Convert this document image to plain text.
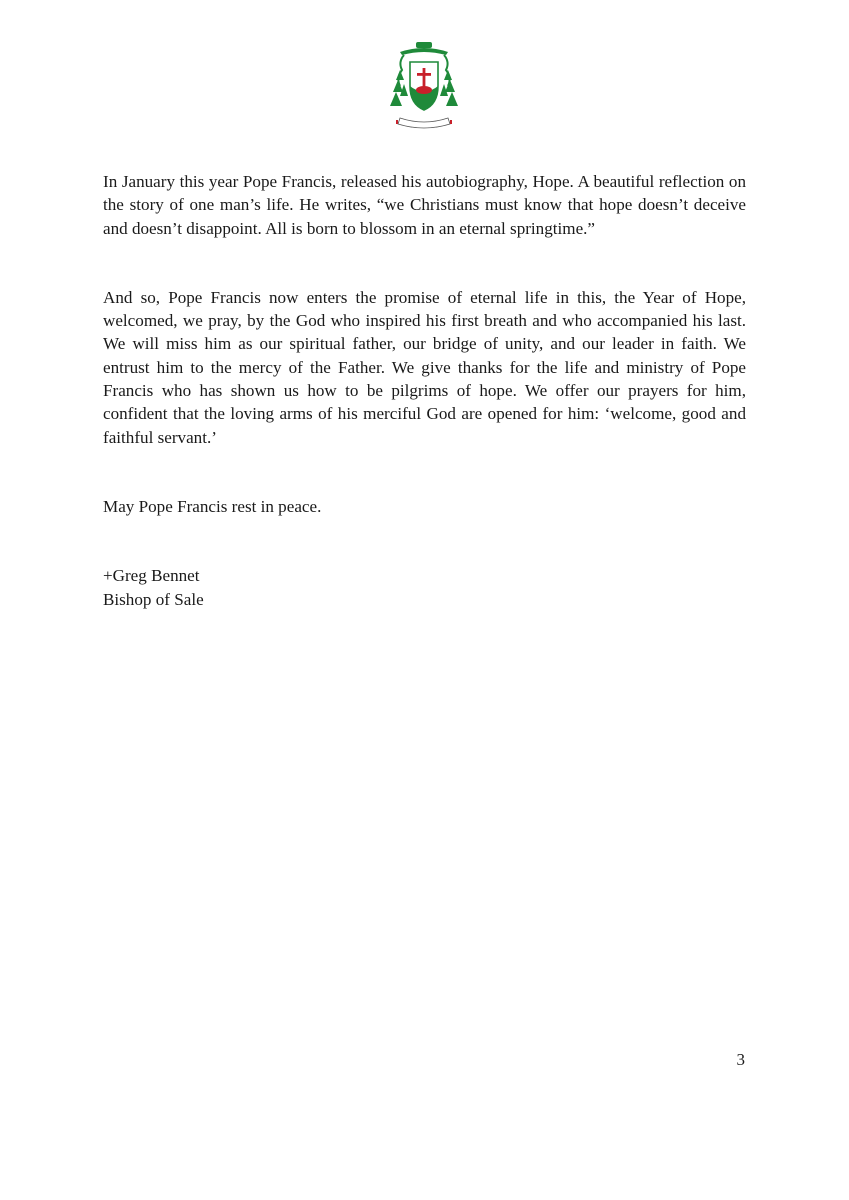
In January this year Pope Francis, released his autobiography, Hope. A beautiful reflection on the story of one man’s life. He writes, “we Christians must know that hope doesn’t deceive and doesn’t disappoint. All is born to blossom in an eternal springtime.”

And so, Pope Francis now enters the promise of eternal life in this, the Year of Hope, welcomed, we pray, by the God who inspired his first breath and who accompanied his last. We will miss him as our spiritual father, our bridge of unity, and our leader in faith. We entrust him to the mercy of the Father. We give thanks for the life and ministry of Pope Francis who has shown us how to be pilgrims of hope. We offer our prayers for him, confident that the loving arms of his merciful God are opened for him: ‘welcome, good and faithful servant.’

May Pope Francis rest in peace.

+Greg Bennet
Bishop of Sale
3
